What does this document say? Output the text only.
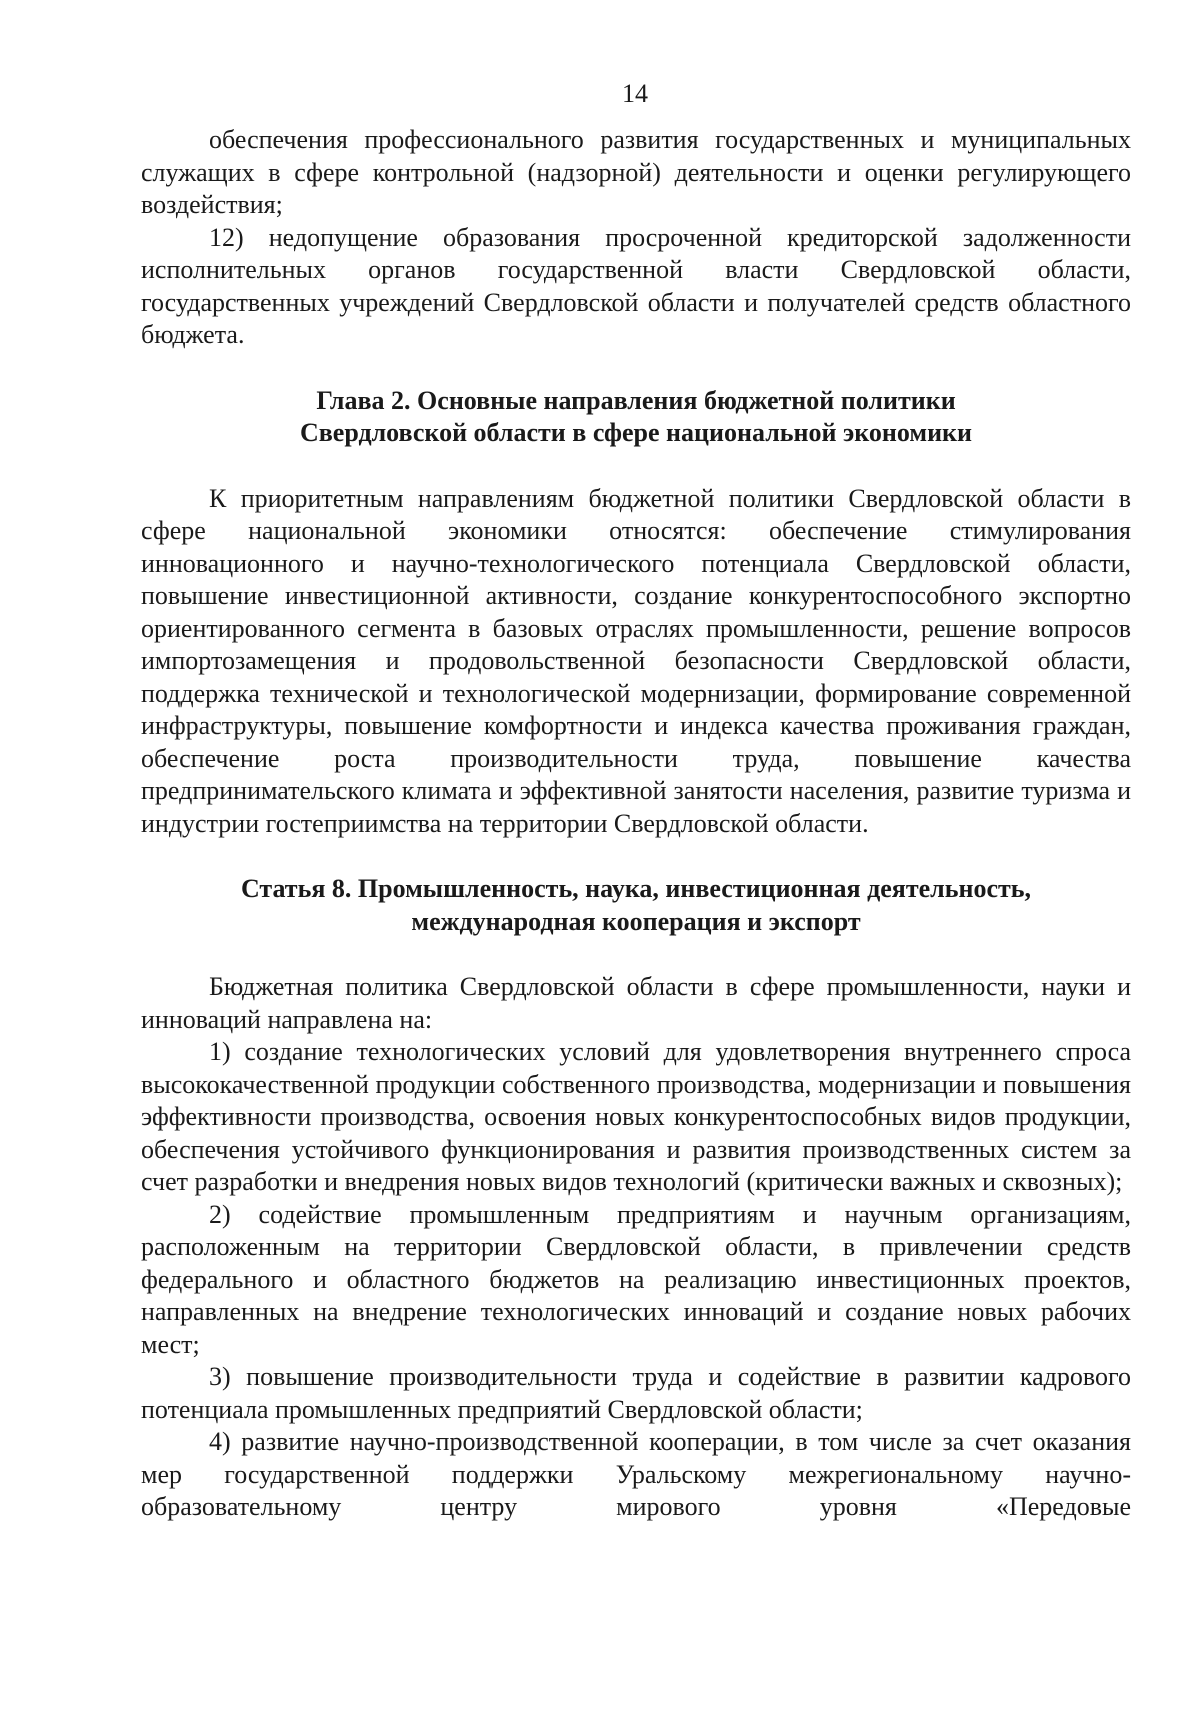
14

обеспечения профессионального развития государственных и муниципальных служащих в сфере контрольной (надзорной) деятельности и оценки регулирующего воздействия;

12) недопущение образования просроченной кредиторской задолженности исполнительных органов государственной власти Свердловской области, государственных учреждений Свердловской области и получателей средств областного бюджета.

Глава 2. Основные направления бюджетной политики

Свердловской области в сфере национальной экономики

К приоритетным направлениям бюджетной политики Свердловской области в сфере национальной экономики относятся: обеспечение стимулирования инновационного и научно-технологического потенциала Свердловской области, повышение инвестиционной активности, создание конкурентоспособного экспортно ориентированного сегмента в базовых отраслях промышленности, решение вопросов импортозамещения и продовольственной безопасности Свердловской области, поддержка технической и технологической модернизации, формирование современной инфраструктуры, повышение комфортности и индекса качества проживания граждан, обеспечение роста производительности труда, повышение качества предпринимательского климата и эффективной занятости населения, развитие туризма и индустрии гостеприимства на территории Свердловской области.

Статья 8. Промышленность, наука, инвестиционная деятельность,

международная кооперация и экспорт

Бюджетная политика Свердловской области в сфере промышленности, науки и инноваций направлена на:

1) создание технологических условий для удовлетворения внутреннего спроса высококачественной продукции собственного производства, модернизации и повышения эффективности производства, освоения новых конкурентоспособных видов продукции, обеспечения устойчивого функционирования и развития производственных систем за счет разработки и внедрения новых видов технологий (критически важных и сквозных);

2) содействие промышленным предприятиям и научным организациям, расположенным на территории Свердловской области, в привлечении средств федерального и областного бюджетов на реализацию инвестиционных проектов, направленных на внедрение технологических инноваций и создание новых рабочих мест;

3) повышение производительности труда и содействие в развитии кадрового потенциала промышленных предприятий Свердловской области;

4) развитие научно-производственной кооперации, в том числе за счет оказания мер государственной поддержки Уральскому межрегиональному научно-образовательному центру мирового уровня «Передовые
